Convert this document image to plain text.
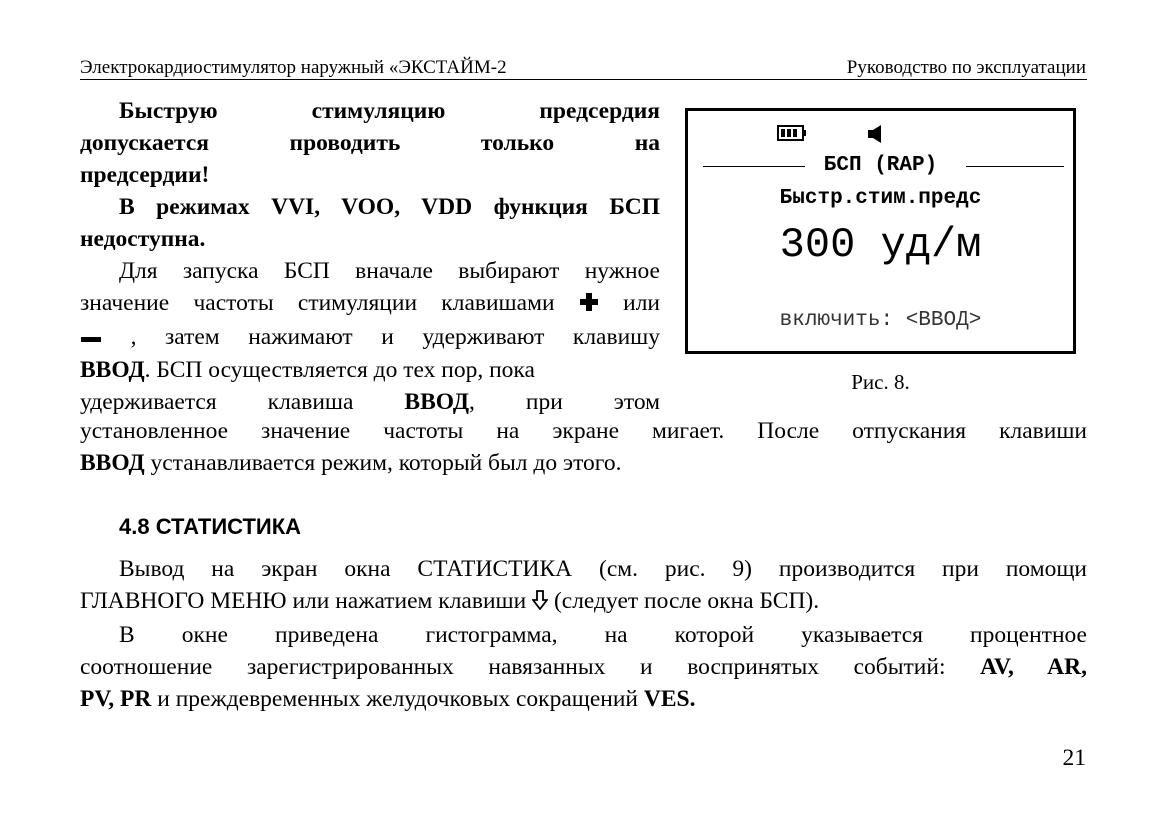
Электрокардиостимулятор наружный «ЭКСТАЙМ-2	Руководство по эксплуатации

Быструю	стимуляцию	предсердия

допускается	проводить	только	на

предсердии!

В режимах VVI, VOO, VDD функция БСП

недоступна.

Для запуска БСП вначале выбирают нужное

значение частоты стимуляции клавишами	или

, затем нажимают и удерживают клавишу

ВВОД. БСП осуществляется до тех пор, пока

удерживается клавиша ВВОД, при этом

установленное значение частоты на экране мигает. После отпускания клавиши

ВВОД устанавливается режим, который был до этого.

БСП (RAP)
Быстр.стим.предс
300 уд/м
включить: <ВВОД>
Рис. 8.
4.8 СТАТИСТИКА

Вывод на экран окна СТАТИСТИКА (см. рис. 9) производится при помощи

ГЛАВНОГО МЕНЮ или нажатием клавиши  (следует после окна БСП).

В окне приведена гистограмма, на которой указывается процентное

соотношение зарегистрированных навязанных и воспринятых событий: AV, AR,

PV, PR и преждевременных желудочковых сокращений VES.

21
